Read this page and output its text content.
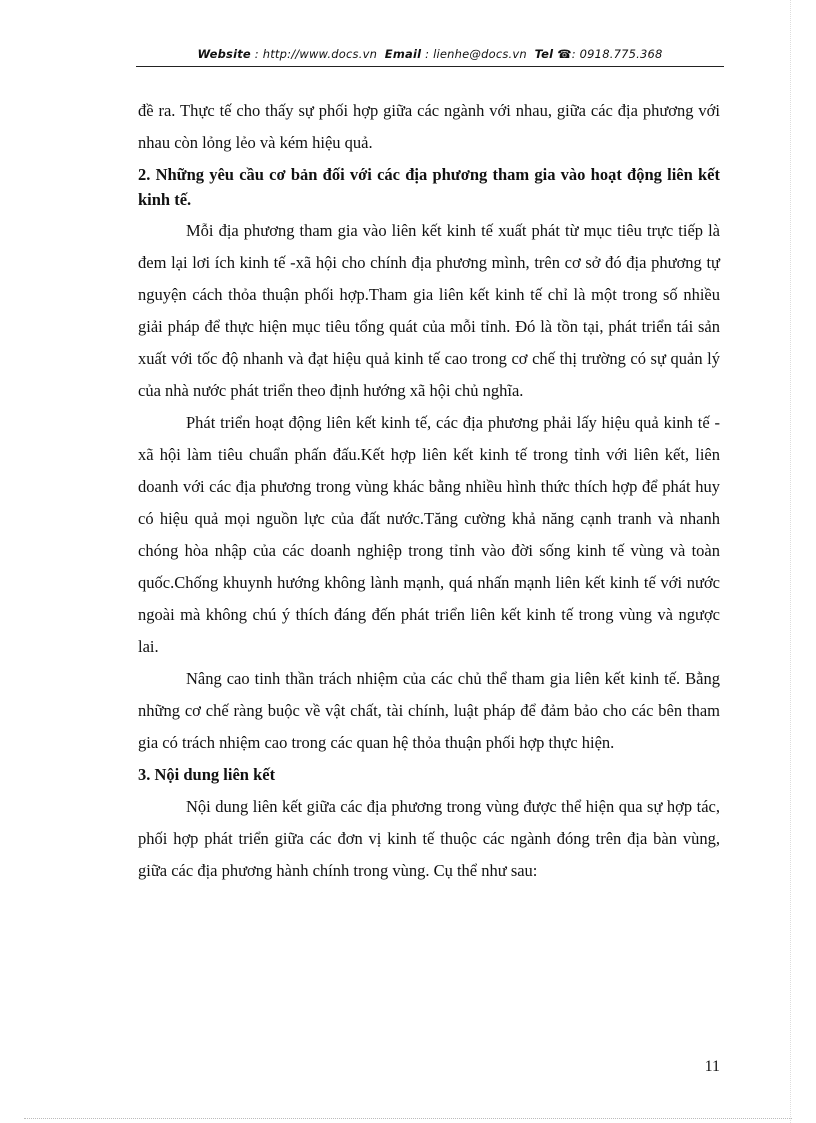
Website : http://www.docs.vn Email : lienhe@docs.vn Tel ☎: 0918.775.368

đề ra. Thực tế cho thấy sự phối hợp giữa các ngành với nhau, giữa các địa phương với nhau còn lỏng lẻo và kém hiệu quả.

2. Những yêu cầu cơ bản đối với các địa phương tham gia vào hoạt động liên kết kinh tế.

Mỗi địa phương tham gia vào liên kết kinh tế xuất phát từ mục tiêu trực tiếp là đem lại lơi ích kinh tế -xã hội cho chính địa phương mình, trên cơ sở đó địa phương tự nguyện cách thỏa thuận phối hợp.Tham gia liên kết kinh tế chỉ là một trong số nhiều giải pháp để thực hiện mục tiêu tổng quát của mỗi tỉnh. Đó là tồn tại, phát triển tái sản xuất với tốc độ nhanh và đạt hiệu quả kinh tế cao trong cơ chế thị trường có sự quản lý của nhà nước phát triển theo định hướng xã hội chủ nghĩa.

Phát triển hoạt động liên kết kinh tế, các địa phương phải lấy hiệu quả kinh tế - xã hội làm tiêu chuẩn phấn đấu.Kết hợp liên kết kinh tế trong tỉnh với liên kết, liên doanh với các địa phương trong vùng khác bằng nhiều hình thức thích hợp để phát huy có hiệu quả mọi nguồn lực của đất nước.Tăng cường khả năng cạnh tranh và nhanh chóng hòa nhập của các doanh nghiệp trong tỉnh vào đời sống kinh tế vùng và toàn quốc.Chống khuynh hướng không lành mạnh, quá nhấn mạnh liên kết kinh tế với nước ngoài mà không chú ý thích đáng đến phát triển liên kết kinh tế trong vùng và ngược lai.

Nâng cao tinh thần trách nhiệm của các chủ thể tham gia liên kết kinh tế. Bằng những cơ chế ràng buộc về vật chất, tài chính, luật pháp để đảm bảo cho các bên tham gia có trách nhiệm cao trong các quan hệ thỏa thuận phối hợp thực hiện.

3. Nội dung liên kết

Nội dung liên kết giữa các địa phương trong vùng được thể hiện qua sự hợp tác, phối hợp phát triển giữa các đơn vị kinh tế thuộc các ngành đóng trên địa bàn vùng, giữa các địa phương hành chính trong vùng. Cụ thể như sau:

11
